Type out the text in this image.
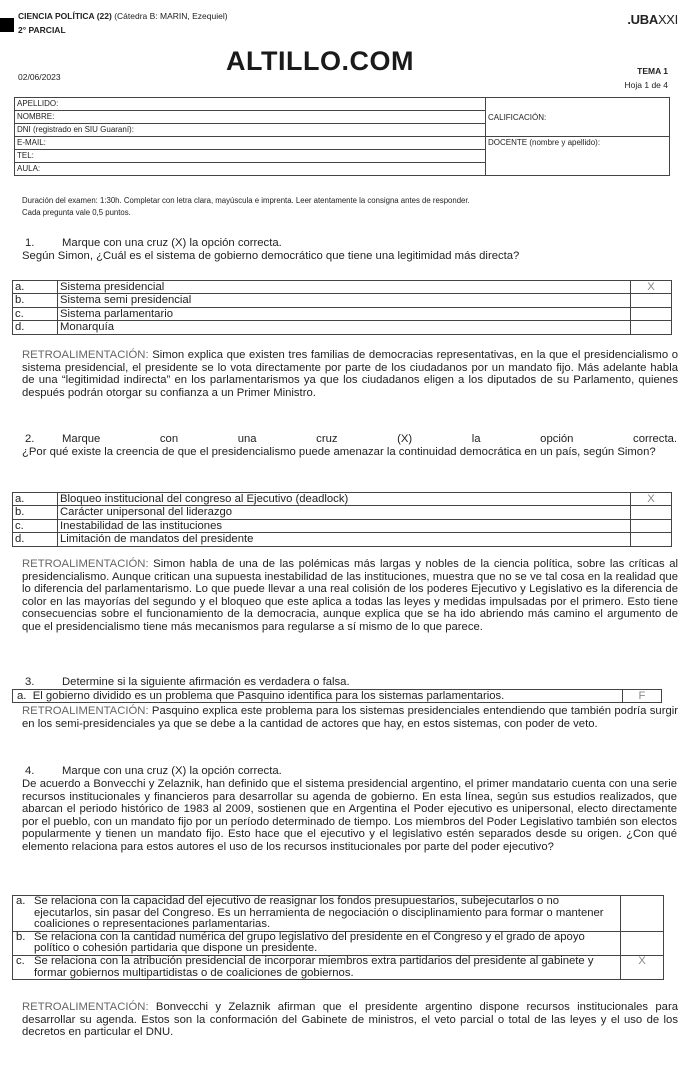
CIENCIA POLÍTICA (22) (Cátedra B: MARIN, Ezequiel)
2° PARCIAL
.UBAXXI
ALTILLO.COM
02/06/2023
TEMA 1
Hoja 1 de 4
APELLIDO:	CALIFICACIÓN:
NOMBRE:	
DNI (registrado en SIU Guaraní):	
E-MAIL:	DOCENTE (nombre y apellido):
TEL:	
AULA:	
Duración del examen: 1:30h. Completar con letra clara, mayúscula e imprenta. Leer atentamente la consigna antes de responder.
Cada pregunta vale 0,5 puntos.
1. Marque con una cruz (X) la opción correcta.
Según Simon, ¿Cuál es el sistema de gobierno democrático que tiene una legitimidad más directa?
a.	Sistema presidencial	X
b.	Sistema semi presidencial	
c.	Sistema parlamentario	
d.	Monarquía	
RETROALIMENTACIÓN: Simon explica que existen tres familias de democracias representativas, en la que el presidencialismo o sistema presidencial, el presidente se lo vota directamente por parte de los ciudadanos por un mandato fijo. Más adelante habla de una “legitimidad indirecta” en los parlamentarismos ya que los ciudadanos eligen a los diputados de su Parlamento, quienes después podrán otorgar su confianza a un Primer Ministro.
2. Marque con una cruz (X) la opción correcta.
¿Por qué existe la creencia de que el presidencialismo puede amenazar la continuidad democrática en un país, según Simon?
a.	Bloqueo institucional del congreso al Ejecutivo (deadlock)	X
b.	Carácter unipersonal del liderazgo	
c.	Inestabilidad de las instituciones	
d.	Limitación de mandatos del presidente	
RETROALIMENTACIÓN: Simon habla de una de las polémicas más largas y nobles de la ciencia política, sobre las críticas al presidencialismo. Aunque critican una supuesta inestabilidad de las instituciones, muestra que no se ve tal cosa en la realidad que lo diferencia del parlamentarismo. Lo que puede llevar a una real colisión de los poderes Ejecutivo y Legislativo es la diferencia de color en las mayorías del segundo y el bloqueo que este aplica a todas las leyes y medidas impulsadas por el primero. Esto tiene consecuencias sobre el funcionamiento de la democracia, aunque explica que se ha ido abriendo más camino el argumento de que el presidencialismo tiene más mecanismos para regularse a sí mismo de lo que parece.
3. Determine si la siguiente afirmación es verdadera o falsa.
a. El gobierno dividido es un problema que Pasquino identifica para los sistemas parlamentarios.	F
RETROALIMENTACIÓN: Pasquino explica este problema para los sistemas presidenciales entendiendo que también podría surgir en los semi-presidenciales ya que se debe a la cantidad de actores que hay, en estos sistemas, con poder de veto.
4. Marque con una cruz (X) la opción correcta.
De acuerdo a Bonvecchi y Zelaznik, han definido que el sistema presidencial argentino, el primer mandatario cuenta con una serie recursos institucionales y financieros para desarrollar su agenda de gobierno. En esta línea, según sus estudios realizados, que abarcan el periodo histórico de 1983 al 2009, sostienen que en Argentina el Poder ejecutivo es unipersonal, electo directamente por el pueblo, con un mandato fijo por un período determinado de tiempo. Los miembros del Poder Legislativo también son electos popularmente y tienen un mandato fijo. Esto hace que el ejecutivo y el legislativo estén separados desde su origen. ¿Con qué elemento relaciona para estos autores el uso de los recursos institucionales por parte del poder ejecutivo?
a. Se relaciona con la capacidad del ejecutivo de reasignar los fondos presupuestarios, subejecutarlos o no ejecutarlos, sin pasar del Congreso. Es un herramienta de negociación o disciplinamiento para formar o mantener coaliciones o representaciones parlamentarias.	

b. Se relaciona con la cantidad numérica del grupo legislativo del presidente en el Congreso y el grado de apoyo político o cohesión partidaria que dispone un presidente.	

c. Se relaciona con la atribución presidencial de incorporar miembros extra partidarios del presidente al gabinete y formar gobiernos multipartidistas o de coaliciones de gobiernos.	X
RETROALIMENTACIÓN: Bonvecchi y Zelaznik afirman que el presidente argentino dispone recursos institucionales para desarrollar su agenda. Estos son la conformación del Gabinete de ministros, el veto parcial o total de las leyes y el uso de los decretos en particular el DNU.
